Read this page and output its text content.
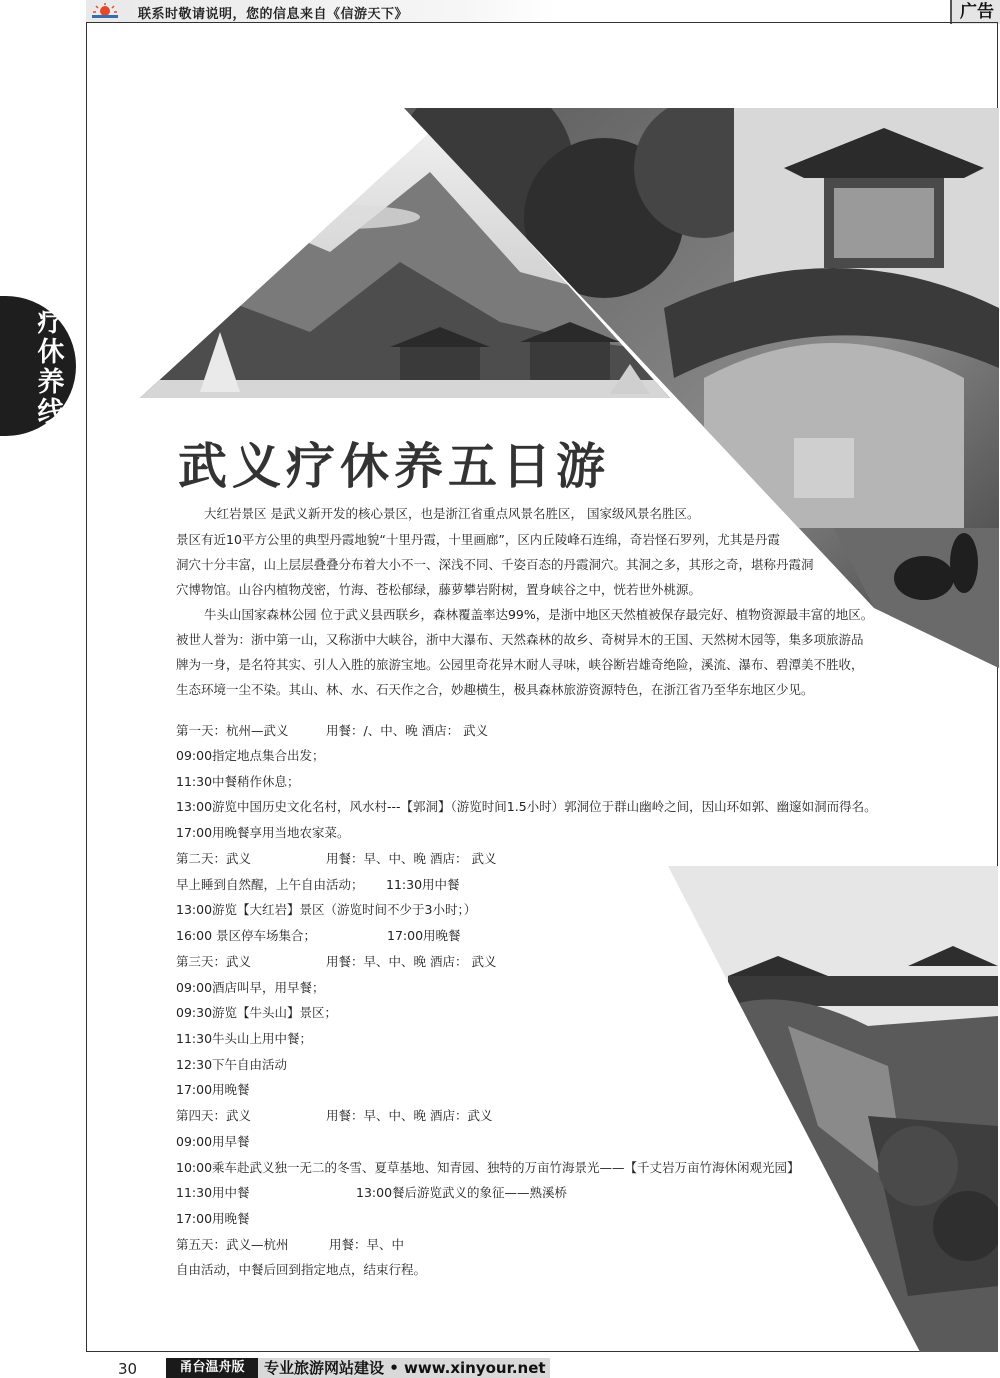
联系时敬请说明，您的信息来自《信游天下》	广告
疗休养线
武义疗休养五日游
大红岩景区 是武义新开发的核心景区，也是浙江省重点风景名胜区， 国家级风景名胜区。
景区有近10平方公里的典型丹霞地貌“十里丹霞，十里画廊”，区内丘陵峰石连绵，奇岩怪石罗列，尤其是丹霞
洞穴十分丰富，山上层层叠叠分布着大小不一、深浅不同、千姿百态的丹霞洞穴。其洞之多，其形之奇，堪称丹霞洞
穴博物馆。山谷内植物茂密，竹海、苍松郁绿，藤萝攀岩附树，置身峡谷之中，恍若世外桃源。
牛头山国家森林公园 位于武义县西联乡，森林覆盖率达99%，是浙中地区天然植被保存最完好、植物资源最丰富的地区。
被世人誉为：浙中第一山，又称浙中大峡谷，浙中大瀑布、天然森林的故乡、奇树异木的王国、天然树木园等，集多项旅游品
牌为一身，是名符其实、引人入胜的旅游宝地。公园里奇花异木耐人寻味，峡谷断岩雄奇绝险，溪流、瀑布、碧潭美不胜收，
生态环境一尘不染。其山、林、水、石天作之合，妙趣横生，极具森林旅游资源特色，在浙江省乃至华东地区少见。
第一天：杭州—武义	用餐：/、中、晚 酒店： 武义
09:00指定地点集合出发；
11:30中餐稍作休息；
13:00游览中国历史文化名村，风水村---【郭洞】（游览时间1.5小时）郭洞位于群山幽岭之间，因山环如郭、幽邃如洞而得名。
17:00用晚餐享用当地农家菜。
第二天：武义	用餐：早、中、晚 酒店： 武义
早上睡到自然醒，上午自由活动； 11:30用中餐
13:00游览【大红岩】景区（游览时间不少于3小时；）
16:00 景区停车场集合；	17:00用晚餐
第三天：武义	用餐：早、中、晚 酒店： 武义
09:00酒店叫早，用早餐；
09:30游览【牛头山】景区；
11:30牛头山上用中餐；
12:30下午自由活动
17:00用晚餐
第四天：武义	用餐：早、中、晚 酒店：武义
09:00用早餐
10:00乘车赴武义独一无二的冬雪、夏草基地、知青园、独特的万亩竹海景光——【千丈岩万亩竹海休闲观光园】
11:30用中餐	13:00餐后游览武义的象征——熟溪桥
17:00用晚餐
第五天：武义—杭州	用餐：早、中
自由活动，中餐后回到指定地点，结束行程。
30	甬台温舟版	专业旅游网站建设 • www.xinyour.net
